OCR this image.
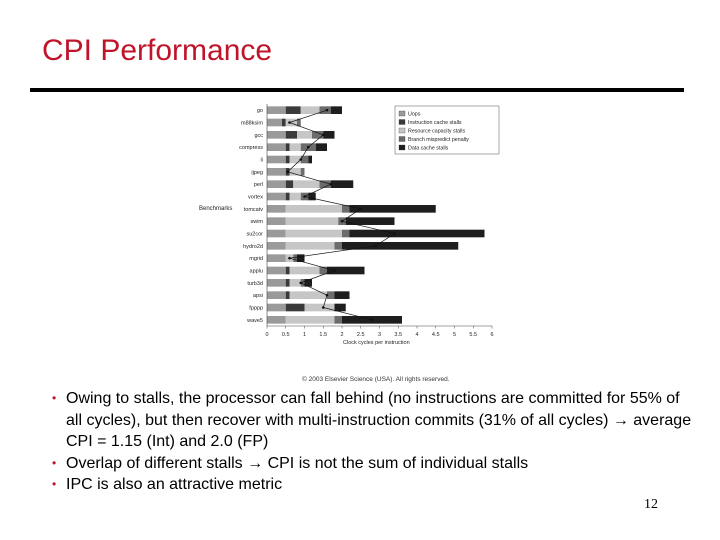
CPI Performance
Benchmarks
Clock cycles per instruction
0 0.5 1 1.5 2 2.5 3 3.5 4 4.5 5 5.5 6
go
m88ksim
gcc
compress
li
ijpeg
perl
vortex
tomcatv
swim
su2cor
hydro2d
mgrid
applu
turb3d
apsi
fpppp
wave5
Uops
Instruction cache stalls
Resource capacity stalls
Branch mispredict penalty
Data cache stalls
© 2003 Elsevier Science (USA). All rights reserved.
• Owing to stalls, the processor can fall behind (no instructions are committed for 55% of all cycles), but then recover with multi-instruction commits (31% of all cycles) → average CPI = 1.15 (Int) and 2.0 (FP)
• Overlap of different stalls → CPI is not the sum of individual stalls
• IPC is also an attractive metric
12
